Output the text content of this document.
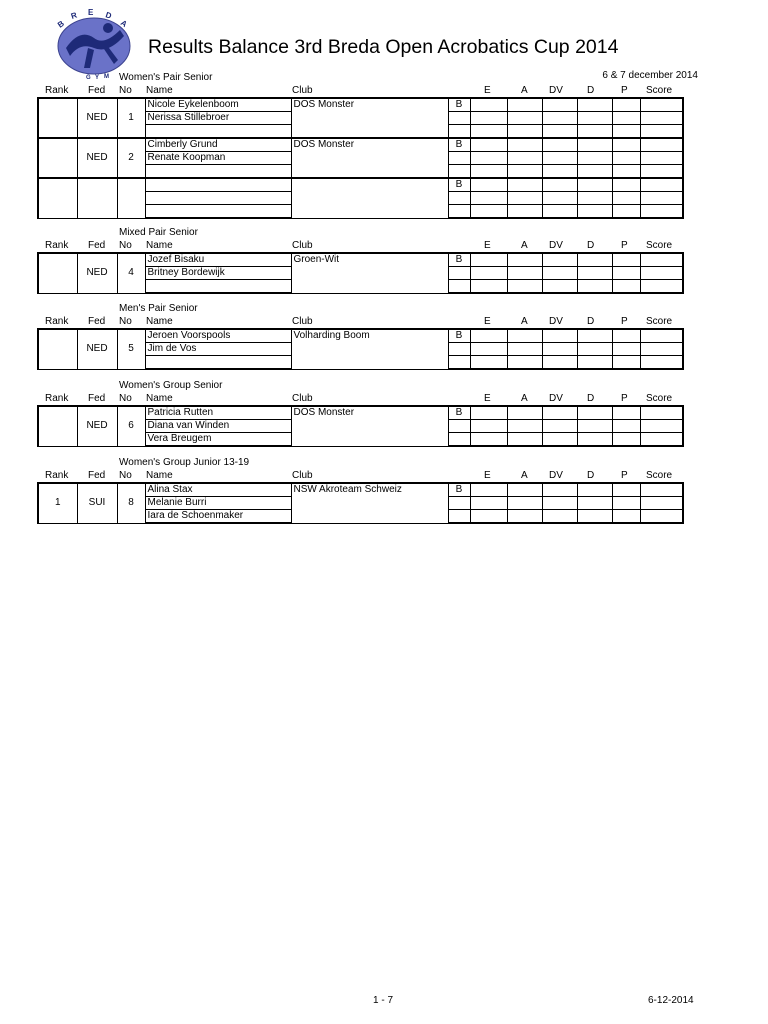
B
R E D
A
G Y M
Results Balance 3rd Breda Open Acrobatics Cup 2014
6 & 7 december 2014
Women's Pair Senior
Rank Fed No Name	Club	E	A DV D	P Score
	NED	1	Nicole Eykelenboom	DOS Monster	B						
			Nerissa Stillebroer								

	NED	2	Cimberly Grund	DOS Monster	B						
			Renate Koopman								

					B						

Mixed Pair Senior
Rank Fed No Name	Club	E	A DV D	P Score
	NED	4	Jozef Bisaku	Groen-Wit	B						
			Britney Bordewijk								

Men's Pair Senior
Rank Fed No Name	Club	E	A DV D	P Score
	NED	5	Jeroen Voorspools	Volharding Boom	B						
			Jim de Vos								

Women's Group Senior
Rank Fed No Name	Club	E	A DV D	P Score
	NED	6	Patricia Rutten	DOS Monster	B						
			Diana van Winden								
			Vera Breugem								
Women's Group Junior 13-19
Rank Fed No Name	Club	E	A DV D	P Score
1	SUI	8	Alina Stax	NSW Akroteam Schweiz	B						
			Melanie Burri								
			Iara de Schoenmaker								
1 - 7	6-12-2014
